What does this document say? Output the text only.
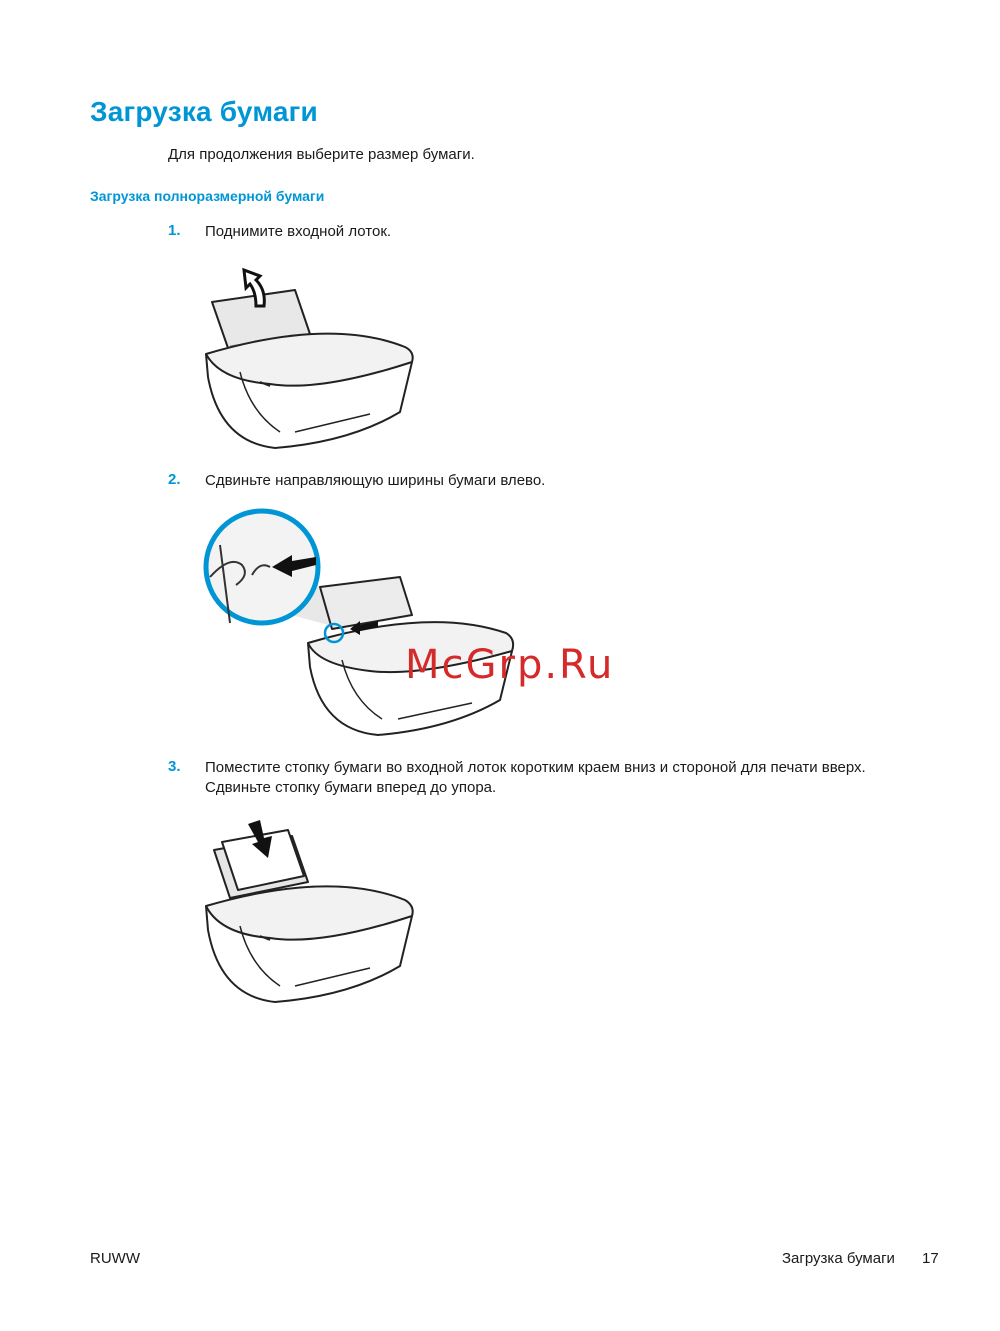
Загрузка бумаги
Для продолжения выберите размер бумаги.
Загрузка полноразмерной бумаги
1. Поднимите входной лоток.
2. Сдвиньте направляющую ширины бумаги влево.
McGrp.Ru
3. Поместите стопку бумаги во входной лоток коротким краем вниз и стороной для печати вверх.
Сдвиньте стопку бумаги вперед до упора.
RUWW	Загрузка бумаги 17
